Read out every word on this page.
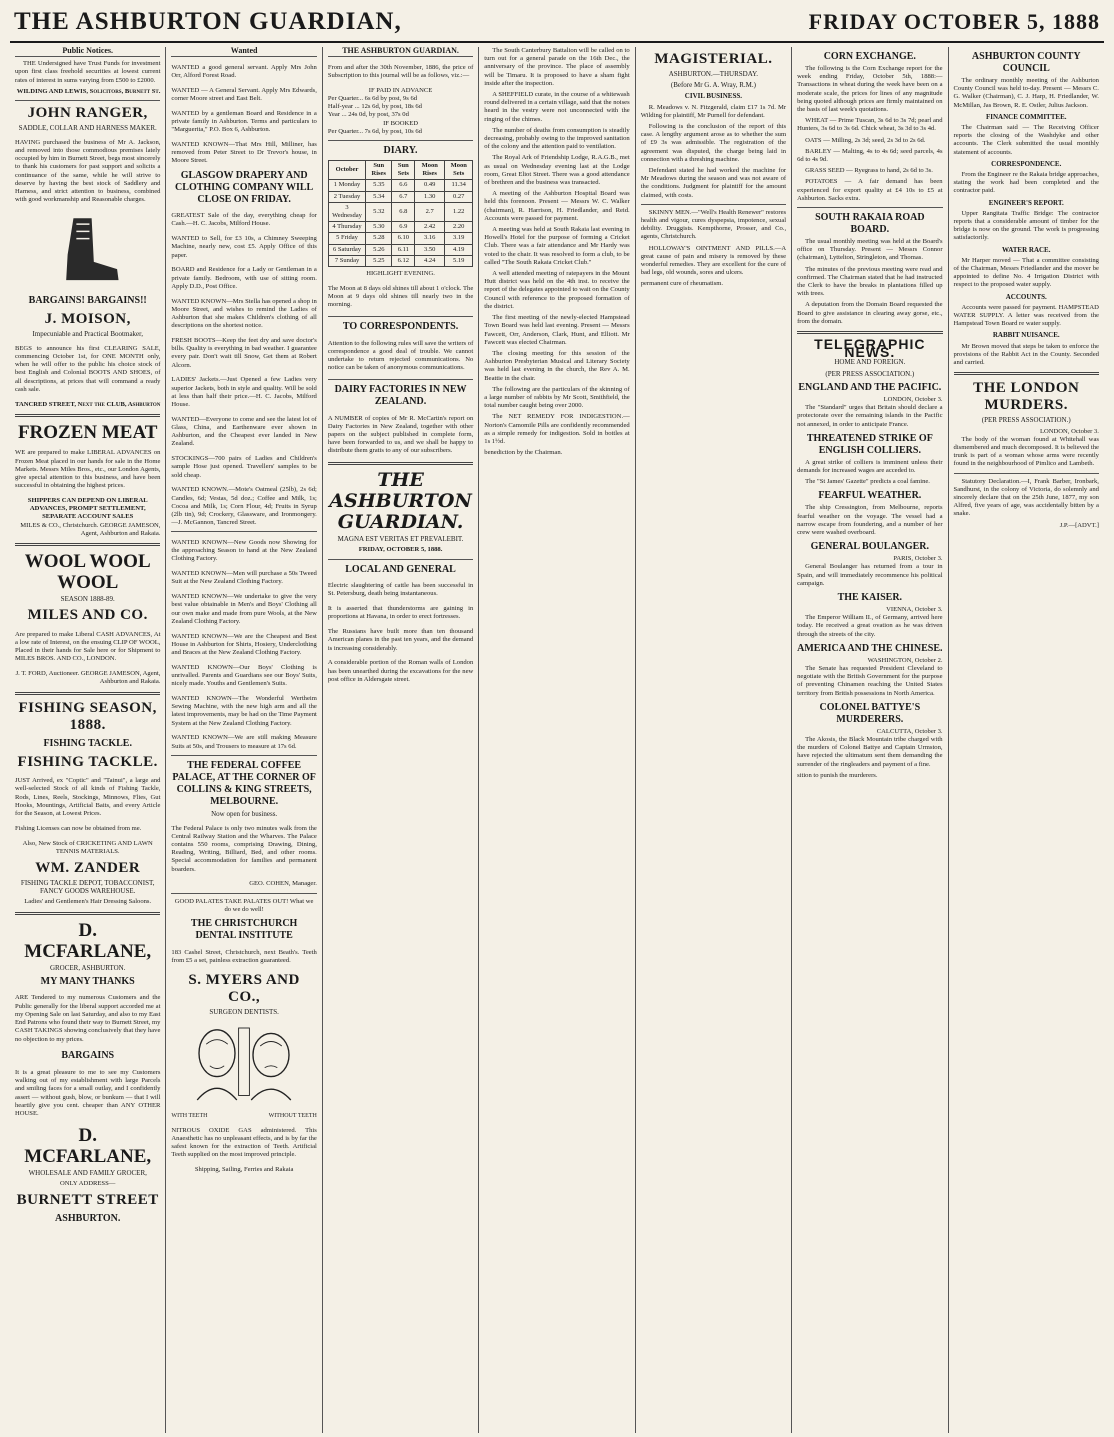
THE ASHBURTON GUARDIAN,	FRIDAY OCTOBER 5, 1888
Public Notices.

THE Undersigned have Trust Funds for investment upon first class freehold securities at lowest current rates of interest in sums varying from £500 to £2000.

WILDING AND LEWIS, Solicitors, Burnett St.
JOHN RANGER,
SADDLE, COLLAR AND HARNESS MAKER.

HAVING purchased the business of Mr A. Jackson, and removed into those commodious premises lately occupied by him in Burnett Street, begs most sincerely to thank his customers for past support and solicits a continuance of the same, while he will strive to deserve by having the best stock of Saddlery and Harness, and strict attention to business, combined with good workmanship and Reasonable charges.

BARGAINS! BARGAINS!!
J. MOISON,
Impecuniable and Practical Bootmaker,

BEGS to announce his first CLEARING SALE, commencing October 1st, for ONE MONTH only, when he will offer to the public his choice stock of best English and Colonial BOOTS AND SHOES, of all descriptions, at prices that will command a ready cash sale.

TANCRED STREET, Next the CLUB, Ashburton
FROZEN MEAT

WE are prepared to make LIBERAL ADVANCES on Frozen Meat placed in our hands for sale in the Home Markets. Messrs Miles Bros., etc., our London Agents, give special attention to this business, and have been successful in obtaining the highest prices.

SHIPPERS CAN DEPEND ON LIBERAL ADVANCES, PROMPT SETTLEMENT, SEPARATE ACCOUNT SALES
MILES & CO., Christchurch. GEORGE JAMESON, Agent, Ashburton and Rakaia.
WOOL WOOL WOOL
SEASON 1888-89.
MILES AND CO.

Are prepared to make Liberal CASH ADVANCES, At a low rate of Interest, on the ensuing CLIP OF WOOL, Placed in their hands for Sale here or for Shipment to MILES BROS. AND CO., LONDON.

J. T. FORD, Auctioneer. GEORGE JAMESON, Agent, Ashburton and Rakaia.
FISHING SEASON, 1888.
FISHING TACKLE.
FISHING TACKLE.

JUST Arrived, ex "Coptic" and "Tainui", a large and well-selected Stock of all kinds of Fishing Tackle, Rods, Lines, Reels, Stockings, Minnows, Flies, Gut Hooks, Mountings, Artificial Baits, and every Article for the Season, at Lowest Prices.

Fishing Licenses can now be obtained from me.

Also, New Stock of CRICKETING AND LAWN TENNIS MATERIALS.
WM. ZANDER
FISHING TACKLE DEPOT, TOBACCONIST, FANCY GOODS WAREHOUSE.
Ladies' and Gentlemen's Hair Dressing Saloons.
D. MCFARLANE,
GROCER, ASHBURTON.
MY MANY THANKS

ARE Tendered to my numerous Customers and the Public generally for the liberal support accorded me at my Opening Sale on last Saturday, and also to my East End Patrons who found their way to Burnett Street, my CASH TAKINGS showing conclusively that they have no objection to my prices.

BARGAINS

It is a great pleasure to me to see my Customers walking out of my establishment with large Parcels and smiling faces for a small outlay, and I confidently assert — without gush, blow, or bunkum — that I will heartily give you cent. cheaper than ANY OTHER HOUSE.

D. MCFARLANE,
WHOLESALE AND FAMILY GROCER,
ONLY ADDRESS—
BURNETT STREET
ASHBURTON.
Wanted

WANTED a good general servant. Apply Mrs John Orr, Alford Forest Road.

WANTED — A General Servant. Apply Mrs Edwards, corner Moore street and East Belt.

WANTED by a gentleman Board and Residence in a private family in Ashburton. Terms and particulars to "Marguerita," P.O. Box 6, Ashburton.

WANTED KNOWN—That Mrs Hill, Milliner, has removed from Peter Street to Dr Trevor's house, in Moore Street.

GLASGOW DRAPERY AND CLOTHING COMPANY WILL CLOSE ON FRIDAY.

GREATEST Sale of the day, everything cheap for Cash.—H. C. Jacobs, Milford House.

WANTED to Sell, for £3 10s, a Chimney Sweeping Machine, nearly new, cost £5. Apply Office of this paper.

BOARD and Residence for a Lady or Gentleman in a private family. Bedroom, with use of sitting room. Apply D.D., Post Office.

WANTED KNOWN—Mrs Stella has opened a shop in Moore Street, and wishes to remind the Ladies of Ashburton that she makes Children's clothing of all descriptions on the shortest notice.

FRESH BOOTS—Keep the feet dry and save doctor's bills. Quality is everything in bad weather. I guarantee every pair. Don't wait till Snow, Get them at Robert Alcorn.

LADIES' Jackets.—Just Opened a few Ladies very superior Jackets, both in style and quality. Will be sold at less than half their price.—H. C. Jacobs, Milford House.

WANTED—Everyone to come and see the latest lot of Glass, China, and Earthenware ever shown in Ashburton, and the Cheapest ever landed in New Zealand.

STOCKINGS—700 pairs of Ladies and Children's sample Hose just opened. Travellers' samples to be sold cheap.

WANTED KNOWN.—Mote's Oatmeal (25lb), 2s 6d; Candles, 6d; Vestas, 5d doz.; Coffee and Milk, 1s; Cocoa and Milk, 1s; Corn Flour, 4d; Fruits in Syrup (2lb tin), 9d; Crockery, Glassware, and Ironmongery.—J. McGannon, Tancred Street.

WANTED KNOWN—New Goods now Showing for the approaching Season to hand at the New Zealand Clothing Factory.

WANTED KNOWN—Men will purchase a 50s Tweed Suit at the New Zealand Clothing Factory.

WANTED KNOWN—We undertake to give the very best value obtainable in Men's and Boys' Clothing all our own make and made from pure Wools, at the New Zealand Clothing Factory.

WANTED KNOWN—We are the Cheapest and Best House in Ashburton for Shirts, Hosiery, Underclothing and Braces at the New Zealand Clothing Factory.

WANTED KNOWN—Our Boys' Clothing is unrivalled. Parents and Guardians see our Boys' Suits, nicely made. Youths and Gentlemen's Suits.

WANTED KNOWN—The Wonderful Wertheim Sewing Machine, with the new high arm and all the latest improvements, may be had on the Time Payment System at the New Zealand Clothing Factory.

WANTED KNOWN—We are still making Measure Suits at 50s, and Trousers to measure at 17s 6d.

THE FEDERAL COFFEE PALACE, AT THE CORNER OF COLLINS & KING STREETS, MELBOURNE.
Now open for business.

The Federal Palace is only two minutes walk from the Central Railway Station and the Wharves. The Palace contains 550 rooms, comprising Drawing, Dining, Reading, Writing, Billiard, Bed, and other rooms. Special accommodation for families and permanent boarders.

GEO. COHEN, Manager.
GOOD PALATES TAKE PALATES OUT! What we do we do well!
THE CHRISTCHURCH DENTAL INSTITUTE

183 Cashel Street, Christchurch, next Beath's. Teeth from £5 a set, painless extraction guaranteed.

S. MYERS AND CO.,
SURGEON DENTISTS.
WITH TEETH	WITHOUT TEETH

NITROUS OXIDE GAS administered. This Anaesthetic has no unpleasant effects, and is by far the safest known for the extraction of Teeth. Artificial Teeth supplied on the most improved principle.

Shipping, Sailing, Ferries and Rakaia
THE ASHBURTON GUARDIAN.

From and after the 30th November, 1886, the price of Subscription to this journal will be as follows, viz.:—

IF PAID IN ADVANCE
Per Quarter... 6s 6d by post, 9s 6d
Half-year ... 12s 6d, by post, 18s 6d
Year ... 24s 0d, by post, 37s 0d
IF BOOKED
Per Quarter... 7s 6d, by post, 10s 6d
DIARY.
October	Sun Rises	Sun Sets	Moon Rises	Moon Sets
1 Monday	5.35	6.6	0.49	11.34
2 Tuesday	5.34	6.7	1.30	0.27
3 Wednesday	5.32	6.8	2.7	1.22
4 Thursday	5.30	6.9	2.42	2.20
5 Friday	5.28	6.10	3.16	3.19
6 Saturday	5.26	6.11	3.50	4.19
7 Sunday	5.25	6.12	4.24	5.19
HIGHLIGHT EVENING.

The Moon at 8 days old shines till about 1 o'clock. The Moon at 9 days old shines till nearly two in the morning.

TO CORRESPONDENTS.

Attention to the following rules will save the writers of correspondence a good deal of trouble. We cannot undertake to return rejected communications. No notice can be taken of anonymous communications.

DAIRY FACTORIES IN NEW ZEALAND.

A NUMBER of copies of Mr R. McCartin's report on Dairy Factories in New Zealand, together with other papers on the subject published in complete form, have been forwarded to us, and we shall be happy to distribute them gratis to any of our subscribers.

THE ASHBURTON GUARDIAN.
MAGNA EST VERITAS ET PREVALEBIT.
FRIDAY, OCTOBER 5, 1888.
LOCAL AND GENERAL

Electric slaughtering of cattle has been successful in St. Petersburg, death being instantaneous.

It is asserted that thunderstorms are gaining in proportions at Havana, in order to erect fortresses.

The Russians have built more than ten thousand American planes in the past ten years, and the demand is increasing considerably.

A considerable portion of the Roman walls of London has been unearthed during the excavations for the new post office in Aldersgate street.

The South Canterbury Battalion will be called on to turn out for a general parade on the 16th Dec., the anniversary of the province. The place of assembly will be Timaru. It is proposed to have a sham fight inside after the inspection.

A SHEFFIELD curate, in the course of a whitewash round delivered in a certain village, said that the noises heard in the vestry were not unconnected with the ringing of the chimes.

The number of deaths from consumption is steadily decreasing, probably owing to the improved sanitation of the colony and the attention paid to ventilation.

The Royal Ark of Friendship Lodge, R.A.G.B., met as usual on Wednesday evening last at the Lodge room, Great Eliot Street. There was a good attendance of brethren and the business was transacted.

A meeting of the Ashburton Hospital Board was held this forenoon. Present — Messrs W. C. Walker (chairman), R. Harrison, H. Friedlander, and Reid. Accounts were passed for payment.

A meeting was held at South Rakaia last evening in Howell's Hotel for the purpose of forming a Cricket Club. There was a fair attendance and Mr Hardy was voted to the chair. It was resolved to form a club, to be called "The South Rakaia Cricket Club."

A well attended meeting of ratepayers in the Mount Hutt district was held on the 4th inst. to receive the report of the delegates appointed to wait on the County Council with reference to the proposed formation of the district.

The first meeting of the newly-elected Hampstead Town Board was held last evening. Present — Messrs Fawcett, Orr, Anderson, Clark, Hunt, and Elliott. Mr Fawcett was elected Chairman.

The closing meeting for this session of the Ashburton Presbyterian Musical and Literary Society was held last evening in the church, the Rev A. M. Beattie in the chair.

The following are the particulars of the skinning of a large number of rabbits by Mr Scott, Smithfield, the total number caught being over 2000.

The NET REMEDY FOR INDIGESTION.—Norton's Camomile Pills are confidently recommended as a simple remedy for indigestion. Sold in bottles at 1s 1½d.

benediction by the Chairman.
MAGISTERIAL.
ASHBURTON.—THURSDAY.
(Before Mr G. A. Wray, R.M.)
CIVIL BUSINESS.

R. Meadows v. N. Fitzgerald, claim £17 1s 7d. Mr Wilding for plaintiff, Mr Purnell for defendant.

Following is the conclusion of the report of this case. A lengthy argument arose as to whether the sum of £9 3s was admissible. The registration of the agreement was disputed, the charge being laid in connection with a threshing machine.

Defendant stated he had worked the machine for Mr Meadows during the season and was not aware of the conditions. Judgment for plaintiff for the amount claimed, with costs.

SKINNY MEN.—"Well's Health Renewer" restores health and vigour, cures dyspepsia, impotence, sexual debility. Druggists. Kempthorne, Prosser, and Co., agents, Christchurch.

HOLLOWAY'S OINTMENT AND PILLS.—A great cause of pain and misery is removed by these wonderful remedies. They are excellent for the cure of bad legs, old wounds, sores and ulcers.

permanent cure of rheumatism.
CORN EXCHANGE.

The following is the Corn Exchange report for the week ending Friday, October 5th, 1888:— Transactions in wheat during the week have been on a moderate scale, the prices for lines of any magnitude being quoted although prices are firmly maintained on the basis of last week's quotations.

WHEAT — Prime Tuscan, 3s 6d to 3s 7d; pearl and Hunters, 3s 6d to 3s 6d. Chick wheat, 3s 3d to 3s 4d.

OATS — Milling, 2s 3d; seed, 2s 3d to 2s 6d.

BARLEY — Malting, 4s to 4s 6d; seed parcels, 4s 6d to 4s 9d.

GRASS SEED — Ryegrass to hand, 2s 6d to 3s.

POTATOES — A fair demand has been experienced for export quality at £4 10s to £5 at Ashburton. Sacks extra.

SOUTH RAKAIA ROAD BOARD.

The usual monthly meeting was held at the Board's office on Thursday. Present — Messrs Connor (chairman), Lyttelton, Stringleton, and Thomas.

The minutes of the previous meeting were read and confirmed. The Chairman stated that he had instructed the Clerk to have the breaks in plantations filled up with trees.

A deputation from the Domain Board requested the Board to give assistance in clearing away gorse, etc., from the domain.

TELEGRAPHIC NEWS.
HOME AND FOREIGN.
(PER PRESS ASSOCIATION.)
ENGLAND AND THE PACIFIC.
LONDON, October 3.

The "Standard" urges that Britain should declare a protectorate over the remaining islands in the Pacific not annexed, in order to anticipate France.

THREATENED STRIKE OF ENGLISH COLLIERS.

A great strike of colliers is imminent unless their demands for increased wages are acceded to.

The "St James' Gazette" predicts a coal famine.

FEARFUL WEATHER.

The ship Cressington, from Melbourne, reports fearful weather on the voyage. The vessel had a narrow escape from foundering, and a number of her crew were washed overboard.

GENERAL BOULANGER.
PARIS, October 3.

General Boulanger has returned from a tour in Spain, and will immediately recommence his political campaign.

THE KAISER.
VIENNA, October 3.

The Emperor William II., of Germany, arrived here today. He received a great ovation as he was driven through the streets of the city.

AMERICA AND THE CHINESE.
WASHINGTON, October 2.

The Senate has requested President Cleveland to negotiate with the British Government for the purpose of preventing Chinamen reaching the United States territory from British possessions in North America.

COLONEL BATTYE'S MURDERERS.
CALCUTTA, October 3.

The Akosis, the Black Mountain tribe charged with the murders of Colonel Battye and Captain Urmston, have rejected the ultimatum sent them demanding the surrender of the ringleaders and payment of a fine.

sition to punish the murderers.
ASHBURTON COUNTY COUNCIL

The ordinary monthly meeting of the Ashburton County Council was held to-day. Present — Messrs C. G. Walker (Chairman), C. J. Harp, H. Friedlander, W. McMillan, Jas Brown, R. E. Ostler, Julius Jackson.

FINANCE COMMITTEE.

The Chairman said — The Receiving Officer reports the closing of the Washdyke and other accounts. The Clerk submitted the usual monthly statement of accounts.

CORRESPONDENCE.

From the Engineer re the Rakaia bridge approaches, stating the work had been completed and the contractor paid.

ENGINEER'S REPORT.

Upper Rangitata Traffic Bridge: The contractor reports that a considerable amount of timber for the bridge is now on the ground. The work is progressing satisfactorily.

WATER RACE.

Mr Harper moved — That a committee consisting of the Chairman, Messrs Friedlander and the mover be appointed to define No. 4 Irrigation District with respect to the proposed water supply.

ACCOUNTS.

Accounts were passed for payment. HAMPSTEAD WATER SUPPLY. A letter was received from the Hampstead Town Board re water supply.

RABBIT NUISANCE.

Mr Brown moved that steps be taken to enforce the provisions of the Rabbit Act in the County. Seconded and carried.

THE LONDON MURDERS.
(PER PRESS ASSOCIATION.)
LONDON, October 3.

The body of the woman found at Whitehall was dismembered and much decomposed. It is believed the trunk is part of a woman whose arms were recently found in the neighbourhood of Pimlico and Lambeth.

Statutory Declaration.—I, Frank Barber, Ironbark, Sandhurst, in the colony of Victoria, do solemnly and sincerely declare that on the 25th June, 1877, my son Alfred, five years of age, was accidentally bitten by a snake.

J.P.—[ADVT.]
